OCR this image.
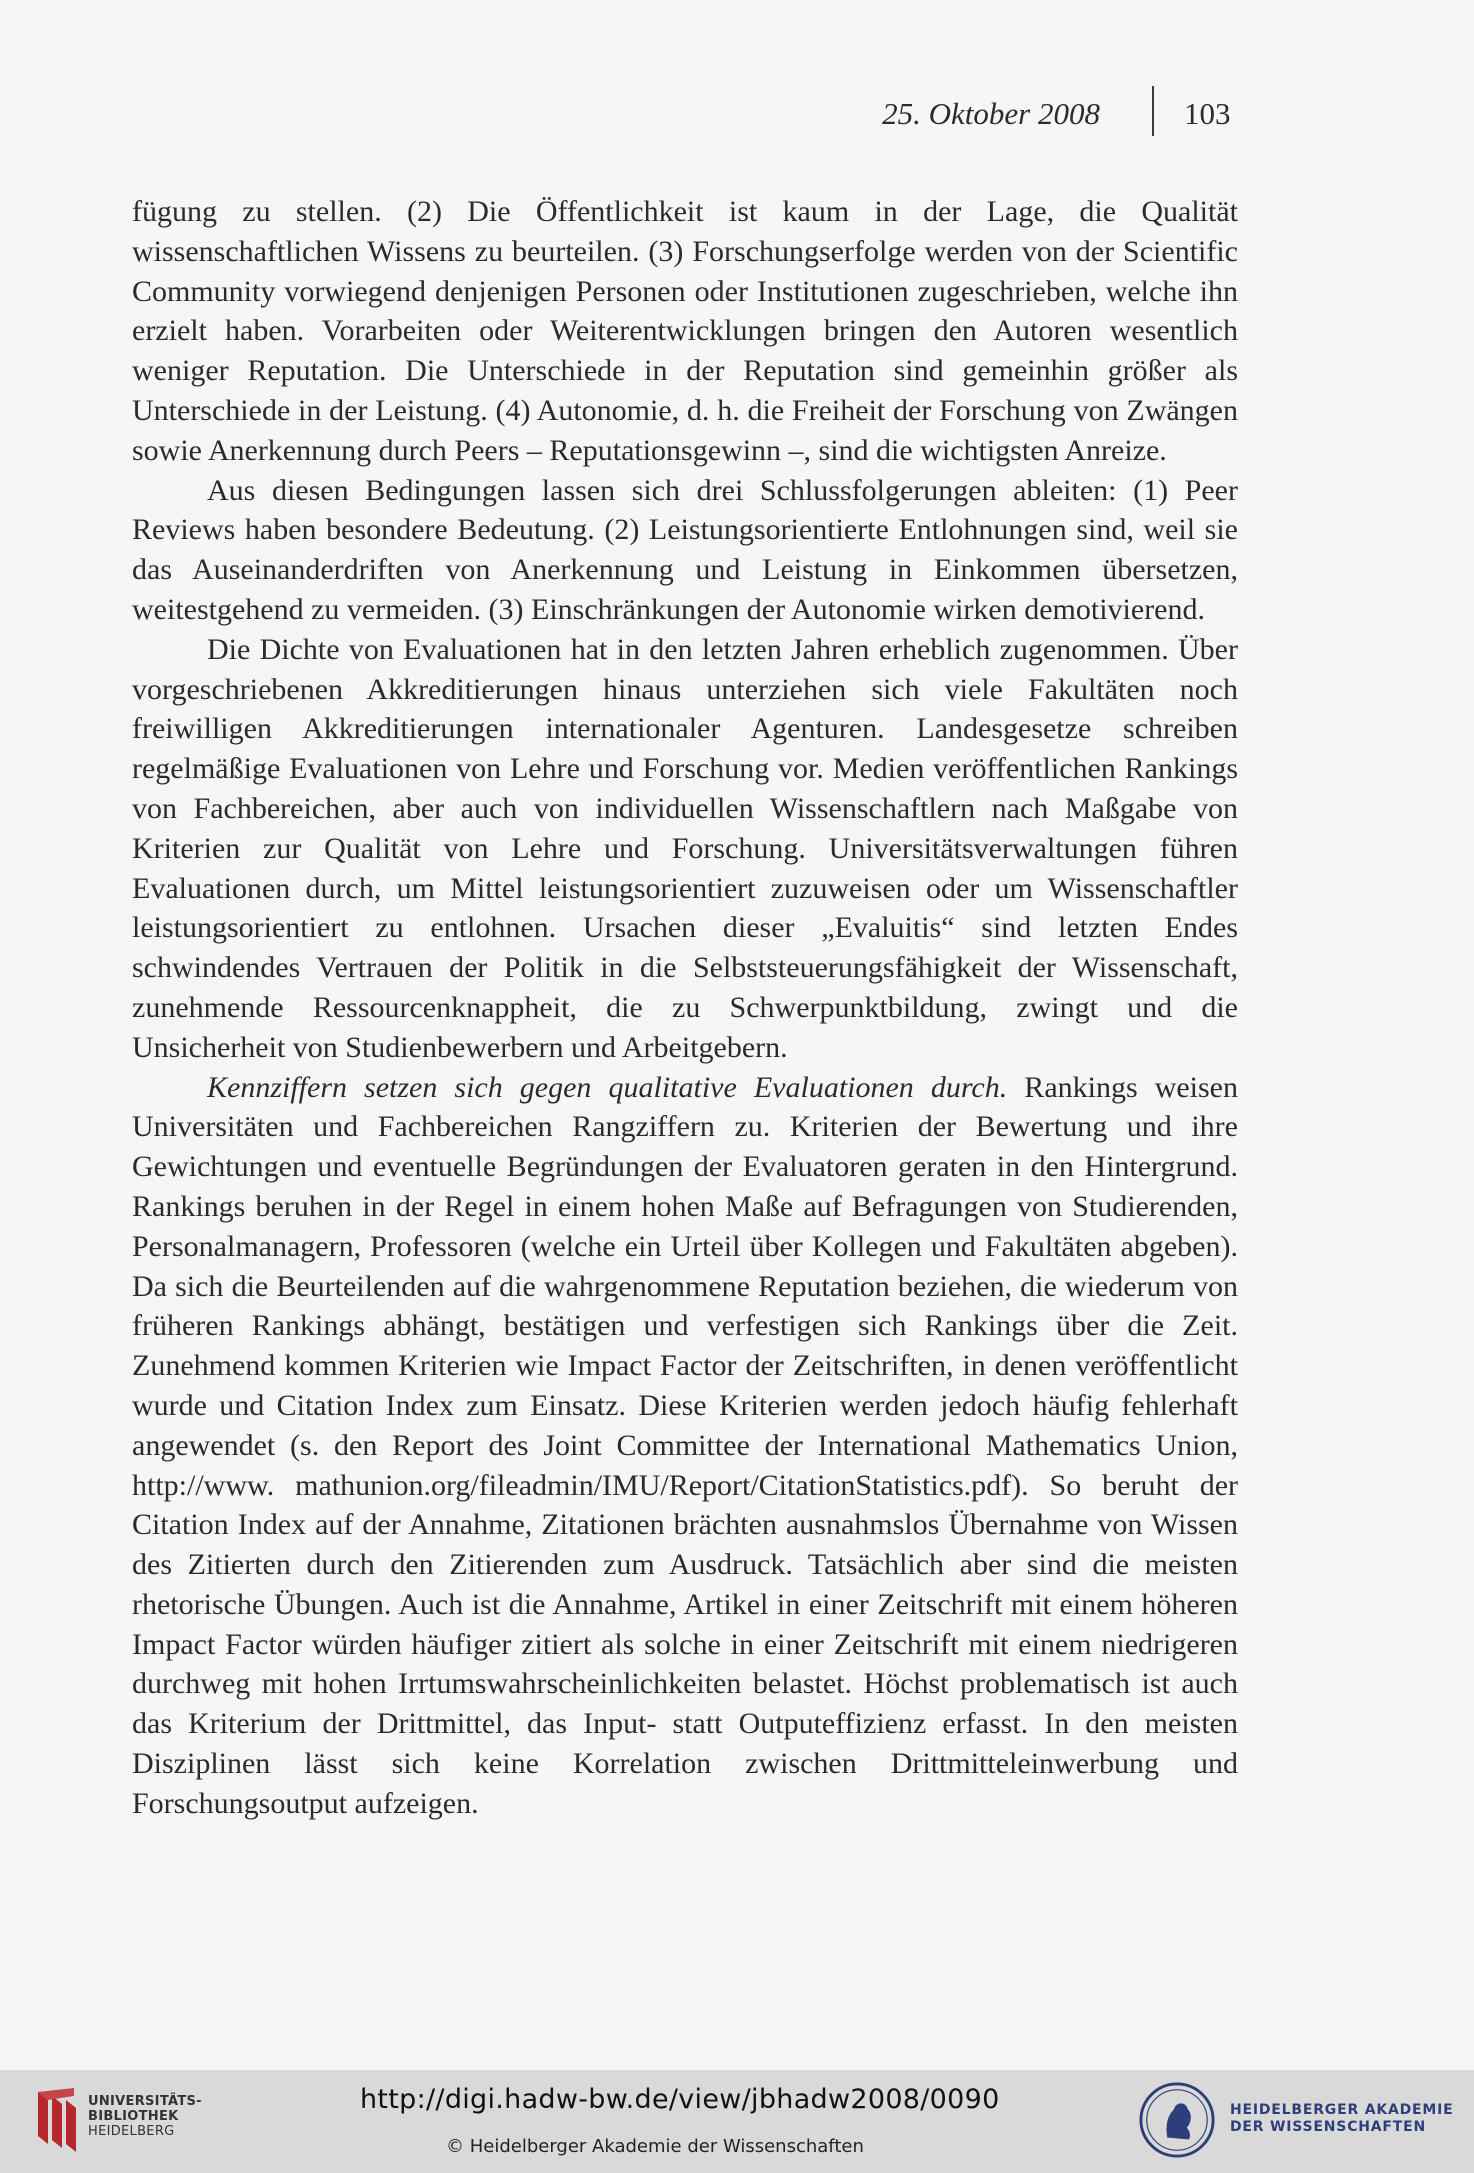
25. Oktober 2008	103

fügung zu stellen. (2) Die Öffentlichkeit ist kaum in der Lage, die Qualität wissenschaftlichen Wissens zu beurteilen. (3) Forschungserfolge werden von der Scientific Community vorwiegend denjenigen Personen oder Institutionen zugeschrieben, welche ihn erzielt haben. Vorarbeiten oder Weiterentwicklungen bringen den Autoren wesentlich weniger Reputation. Die Unterschiede in der Reputation sind gemeinhin größer als Unterschiede in der Leistung. (4) Autonomie, d. h. die Freiheit der Forschung von Zwängen sowie Anerkennung durch Peers – Reputationsgewinn –, sind die wichtigsten Anreize.

Aus diesen Bedingungen lassen sich drei Schlussfolgerungen ableiten: (1) Peer Reviews haben besondere Bedeutung. (2) Leistungsorientierte Entlohnungen sind, weil sie das Auseinanderdriften von Anerkennung und Leistung in Einkommen übersetzen, weitestgehend zu vermeiden. (3) Einschränkungen der Autonomie wirken demotivierend.

Die Dichte von Evaluationen hat in den letzten Jahren erheblich zugenommen. Über vorgeschriebenen Akkreditierungen hinaus unterziehen sich viele Fakultäten noch freiwilligen Akkreditierungen internationaler Agenturen. Landesgesetze schreiben regelmäßige Evaluationen von Lehre und Forschung vor. Medien veröffentlichen Rankings von Fachbereichen, aber auch von individuellen Wissenschaftlern nach Maßgabe von Kriterien zur Qualität von Lehre und Forschung. Universitätsverwaltungen führen Evaluationen durch, um Mittel leistungsorientiert zuzuweisen oder um Wissenschaftler leistungsorientiert zu entlohnen. Ursachen dieser „Evaluitis“ sind letzten Endes schwindendes Vertrauen der Politik in die Selbststeuerungsfähigkeit der Wissenschaft, zunehmende Ressourcenknappheit, die zu Schwerpunktbildung, zwingt und die Unsicherheit von Studienbewerbern und Arbeitgebern.

Kennziffern setzen sich gegen qualitative Evaluationen durch. Rankings weisen Universitäten und Fachbereichen Rangziffern zu. Kriterien der Bewertung und ihre Gewichtungen und eventuelle Begründungen der Evaluatoren geraten in den Hintergrund. Rankings beruhen in der Regel in einem hohen Maße auf Befragungen von Studierenden, Personalmanagern, Professoren (welche ein Urteil über Kollegen und Fakultäten abgeben). Da sich die Beurteilenden auf die wahrgenommene Reputation beziehen, die wiederum von früheren Rankings abhängt, bestätigen und verfestigen sich Rankings über die Zeit. Zunehmend kommen Kriterien wie Impact Factor der Zeitschriften, in denen veröffentlicht wurde und Citation Index zum Einsatz. Diese Kriterien werden jedoch häufig fehlerhaft angewendet (s. den Report des Joint Committee der International Mathematics Union, http://www. mathunion.org/fileadmin/IMU/Report/CitationStatistics.pdf). So beruht der Citation Index auf der Annahme, Zitationen brächten ausnahmslos Übernahme von Wissen des Zitierten durch den Zitierenden zum Ausdruck. Tatsächlich aber sind die meisten rhetorische Übungen. Auch ist die Annahme, Artikel in einer Zeitschrift mit einem höheren Impact Factor würden häufiger zitiert als solche in einer Zeitschrift mit einem niedrigeren durchweg mit hohen Irrtumswahrscheinlichkeiten belastet. Höchst problematisch ist auch das Kriterium der Drittmittel, das Input- statt Outputeffizienz erfasst. In den meisten Disziplinen lässt sich keine Korrelation zwischen Drittmitteleinwerbung und Forschungsoutput aufzeigen.

UNIVERSITÄTS-
BIBLIOTHEK
HEIDELBERG
http://digi.hadw-bw.de/view/jbhadw2008/0090
© Heidelberger Akademie der Wissenschaften
HEIDELBERGER AKADEMIE
DER WISSENSCHAFTEN
